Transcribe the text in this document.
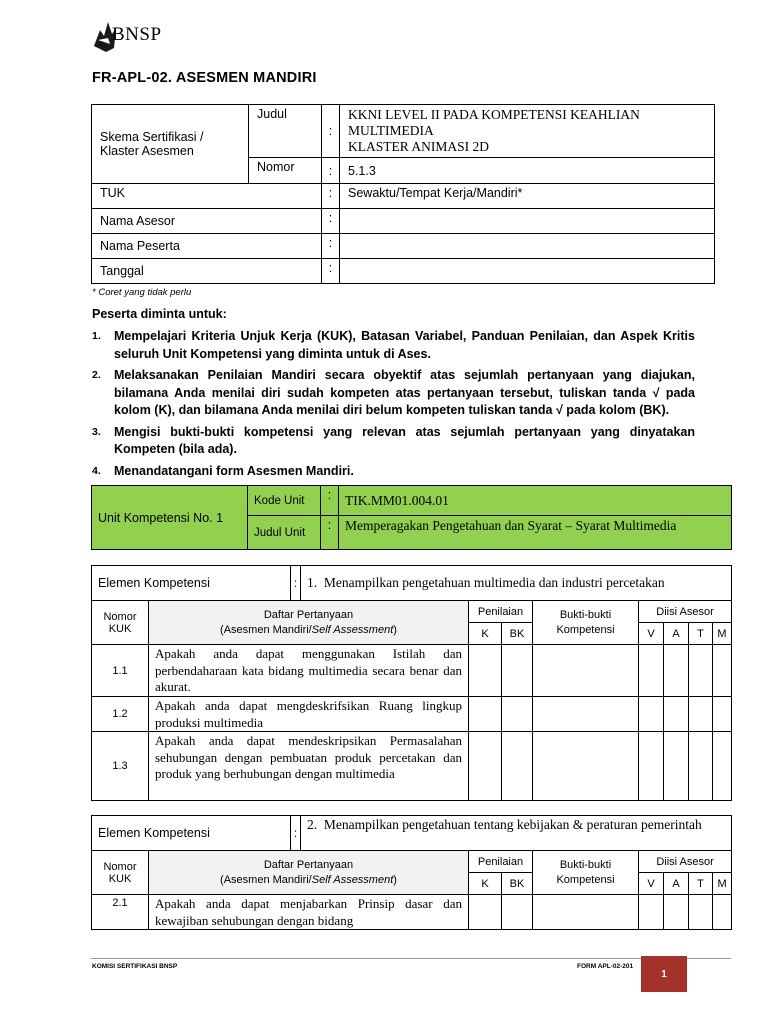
BNSP
FR-APL-02. ASESMEN MANDIRI
Skema Sertifikasi / Klaster Asesmen	Judul	:	KKNI LEVEL II PADA KOMPETENSI KEAHLIAN MULTIMEDIA
KLASTER ANIMASI 2D

	Nomor	:	5.1.3
TUK		:	Sewaktu/Tempat Kerja/Mandiri*
Nama Asesor		:	
Nama Peserta		:	
Tanggal		:	
* Coret yang tidak perlu
Peserta diminta untuk:
1. Mempelajari Kriteria Unjuk Kerja (KUK), Batasan Variabel, Panduan Penilaian, dan Aspek Kritis seluruh Unit Kompetensi yang diminta untuk di Ases.
2. Melaksanakan Penilaian Mandiri secara obyektif atas sejumlah pertanyaan yang diajukan, bilamana Anda menilai diri sudah kompeten atas pertanyaan tersebut, tuliskan tanda √ pada kolom (K), dan bilamana Anda menilai diri belum kompeten tuliskan tanda √ pada kolom (BK).
3. Mengisi bukti-bukti kompetensi yang relevan atas sejumlah pertanyaan yang dinyatakan Kompeten (bila ada).
4. Menandatangani form Asesmen Mandiri.
Unit Kompetensi No. 1	Kode Unit	:	TIK.MM01.004.01
	Judul Unit	:	Memperagakan Pengetahuan dan Syarat – Syarat Multimedia
Elemen Kompetensi		:	1. Menampilkan pengetahuan multimedia dan industri percetakan							
Nomor KUK	Daftar Pertanyaan
(Asesmen Mandiri/Self Assessment)			Penilaian		Bukti-bukti Kompetensi	Diisi Asesor			
				K	BK		V	A	T	M
1.1	Apakah anda dapat menggunakan Istilah dan perbendaharaan kata bidang multimedia secara benar dan akurat.									
1.2	Apakah anda dapat mengdeskrifsikan Ruang lingkup produksi multimedia									
1.3	Apakah anda dapat mendeskripsikan Permasalahan sehubungan dengan pembuatan produk percetakan dan produk yang berhubungan dengan multimedia									
Elemen Kompetensi		:	2. Menampilkan pengetahuan tentang kebijakan & peraturan pemerintah							
Nomor KUK	Daftar Pertanyaan
(Asesmen Mandiri/Self Assessment)			Penilaian		Bukti-bukti Kompetensi	Diisi Asesor			
				K	BK		V	A	T	M
2.1	Apakah anda dapat menjabarkan Prinsip dasar dan kewajiban sehubungan dengan bidang									
KOMISI SERTIFIKASI BNSP	FORM APL-02-201
1
